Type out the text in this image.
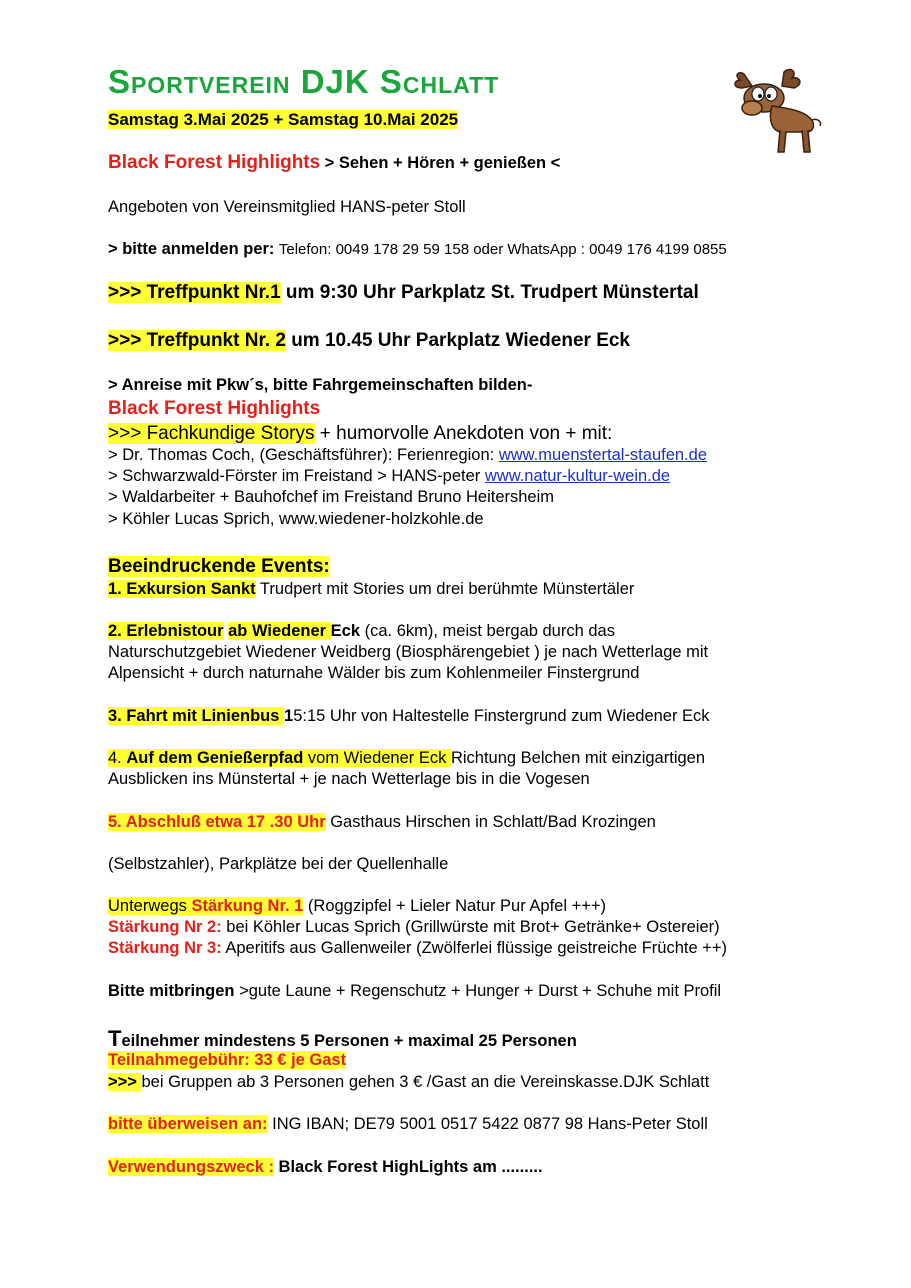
Sportverein DJK Schlatt
Samstag 3.Mai 2025 + Samstag 10.Mai 2025
Black Forest Highlights > Sehen + Hören + genießen <
Angeboten von Vereinsmitglied HANS-peter Stoll
> bitte anmelden per: Telefon: 0049 178 29 59 158 oder WhatsApp : 0049 176 4199 0855
>>> Treffpunkt Nr.1 um 9:30 Uhr Parkplatz St. Trudpert Münstertal
>>> Treffpunkt Nr. 2 um 10.45 Uhr Parkplatz Wiedener Eck
> Anreise mit Pkw´s, bitte Fahrgemeinschaften bilden-
Black Forest Highlights
>>> Fachkundige Storys + humorvolle Anekdoten von + mit:
> Dr. Thomas Coch, (Geschäftsführer): Ferienregion: www.muenstertal-staufen.de
> Schwarzwald-Förster im Freistand > HANS-peter www.natur-kultur-wein.de
> Waldarbeiter + Bauhofchef im Freistand Bruno Heitersheim
> Köhler Lucas Sprich, www.wiedener-holzkohle.de
Beeindruckende Events:
1. Exkursion Sankt Trudpert mit Stories um drei berühmte Münstertäler
2. Erlebnistour ab Wiedener Eck (ca. 6km), meist bergab durch das
Naturschutzgebiet Wiedener Weidberg (Biosphärengebiet ) je nach Wetterlage mit
Alpensicht + durch naturnahe Wälder bis zum Kohlenmeiler Finstergrund
3. Fahrt mit Linienbus 15:15 Uhr von Haltestelle Finstergrund zum Wiedener Eck
4. Auf dem Genießerpfad vom Wiedener Eck Richtung Belchen mit einzigartigen
Ausblicken ins Münstertal + je nach Wetterlage bis in die Vogesen
5. Abschluß etwa 17 .30 Uhr Gasthaus Hirschen in Schlatt/Bad Krozingen
(Selbstzahler), Parkplätze bei der Quellenhalle
Unterwegs Stärkung Nr. 1 (Roggzipfel + Lieler Natur Pur Apfel +++)
Stärkung Nr 2: bei Köhler Lucas Sprich (Grillwürste mit Brot+ Getränke+ Ostereier)
Stärkung Nr 3: Aperitifs aus Gallenweiler (Zwölferlei flüssige geistreiche Früchte ++)
Bitte mitbringen >gute Laune + Regenschutz + Hunger + Durst + Schuhe mit Profil
Teilnehmer mindestens 5 Personen + maximal 25 Personen
Teilnahmegebühr: 33 € je Gast
>>> bei Gruppen ab 3 Personen gehen 3 € /Gast an die Vereinskasse.DJK Schlatt
bitte überweisen an: ING IBAN; DE79 5001 0517 5422 0877 98 Hans-Peter Stoll
Verwendungszweck : Black Forest HighLights am .........
